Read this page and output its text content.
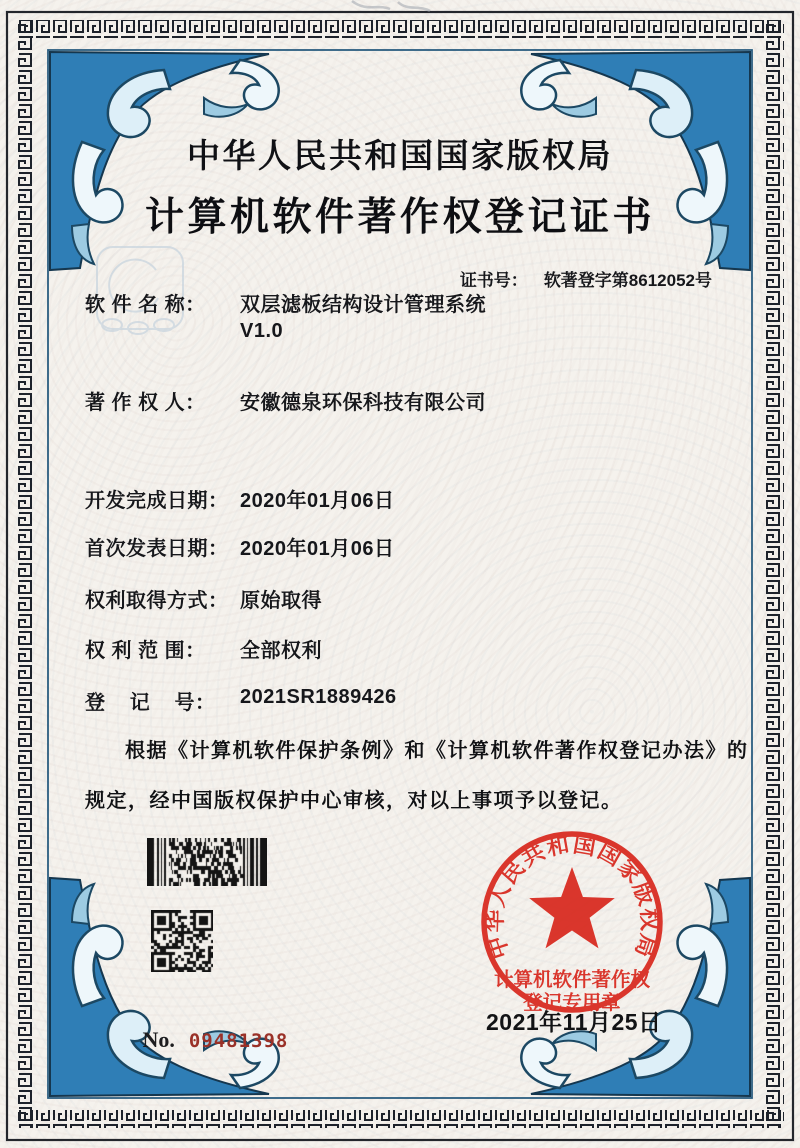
中华人民共和国国家版权局
计算机软件著作权
登记专用章
中华人民共和国国家版权局
计算机软件著作权登记证书

证书号： 软著登字第8612052号

软 件 名 称： 双层滤板结构设计管理系统
V1.0
著 作 权 人： 安徽德泉环保科技有限公司
开发完成日期： 2020年01月06日
首次发表日期： 2020年01月06日
权利取得方式： 原始取得
权 利 范 围： 全部权利
登    记    号： 2021SR1889426
根据《计算机软件保护条例》和《计算机软件著作权登记办法》的
规定，经中国版权保护中心审核，对以上事项予以登记。

No. 09481398

2021年11月25日
